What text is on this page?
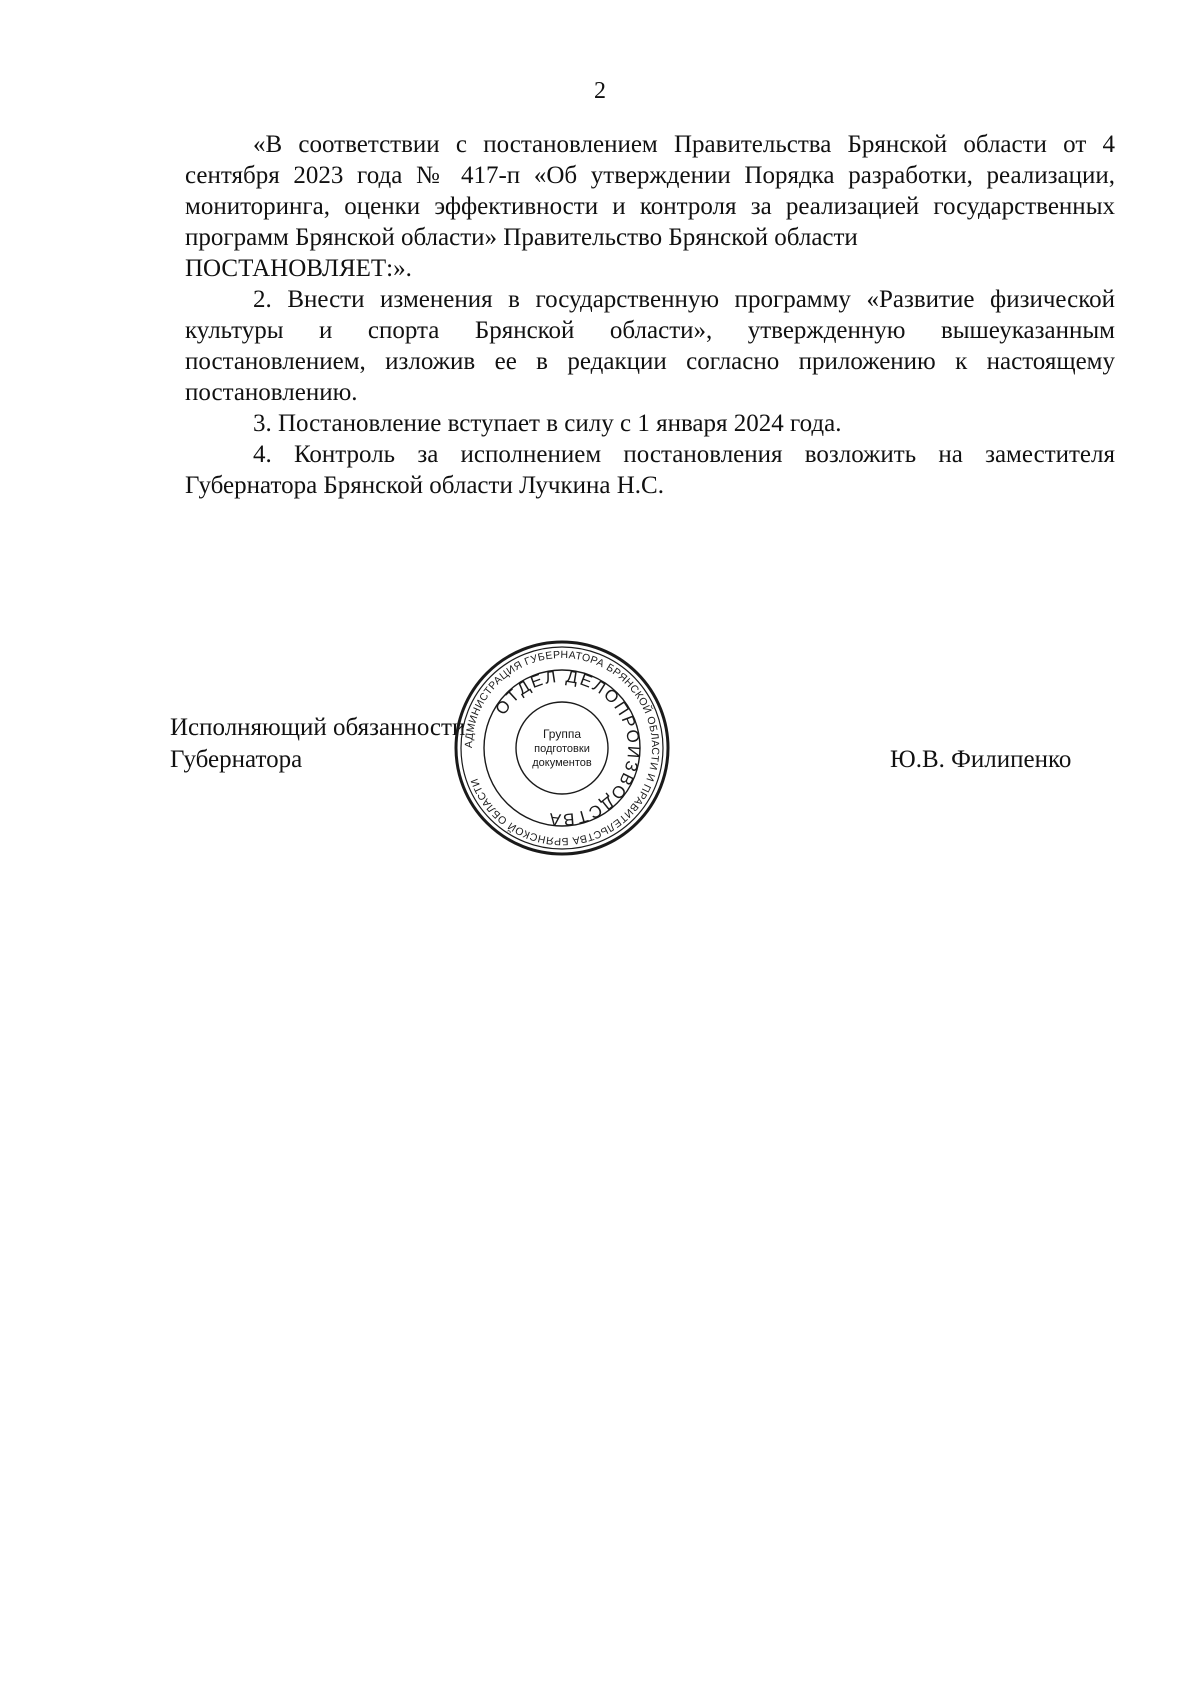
2

«В соответствии с постановлением Правительства Брянской области от 4 сентября 2023 года № 417-п «Об утверждении Порядка разработки, реализации, мониторинга, оценки эффективности и контроля за реализацией государственных программ Брянской области» Правительство Брянской области

ПОСТАНОВЛЯЕТ:».

2. Внести изменения в государственную программу «Развитие физической культуры и спорта Брянской области», утвержденную вышеуказанным постановлением, изложив ее в редакции согласно приложению к настоящему постановлению.

3. Постановление вступает в силу с 1 января 2024 года.

4. Контроль за исполнением постановления возложить на заместителя Губернатора Брянской области Лучкина Н.С.

Исполняющий обязанности
Губернатора	Ю.В. Филипенко
АДМИНИСТРАЦИЯ ГУБЕРНАТОРА БРЯНСКОЙ ОБЛАСТИ И ПРАВИТЕЛЬСТВА БРЯНСКОЙ ОБЛАСТИ
ОТДЕЛ ДЕЛОПРОИЗВОДСТВА
Группа
подготовки
документов
